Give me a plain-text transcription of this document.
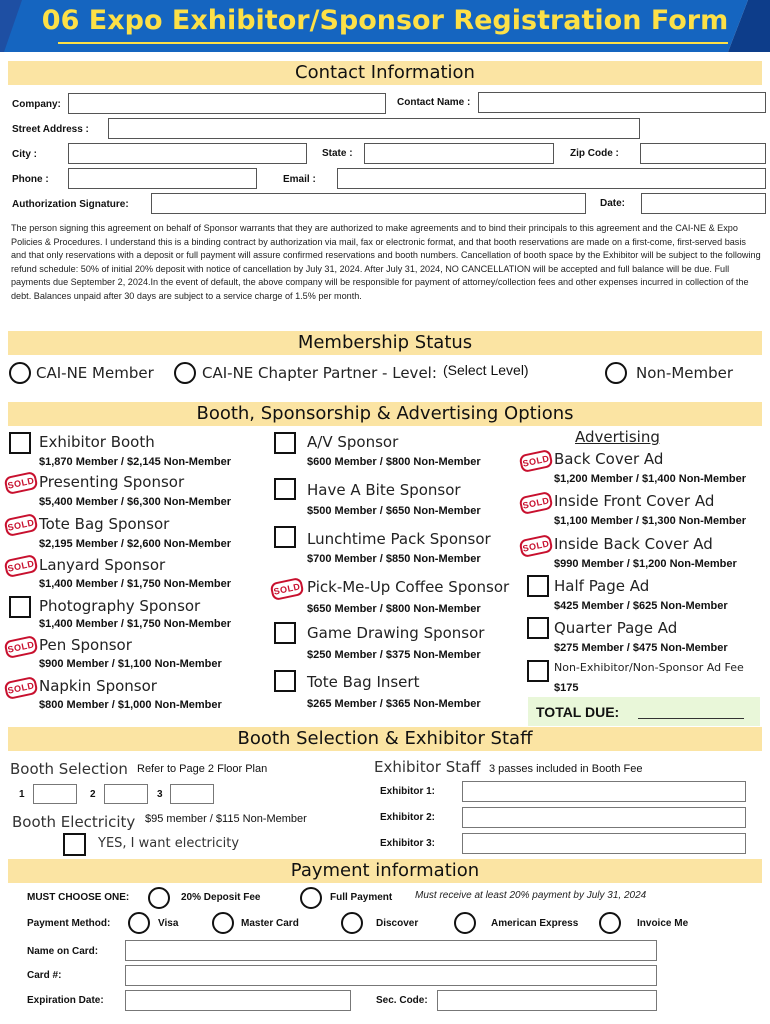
06 Expo Exhibitor/Sponsor Registration Form
Contact Information
Company:	Contact Name :
Street Address :
City :	State :	Zip Code :
Phone :	Email :
Authorization Signature:	Date:
The person signing this agreement on behalf of Sponsor warrants that they are authorized to make agreements and to bind their principals to this agreement and the CAI-NE & Expo Policies & Procedures. I understand this is a binding contract by authorization via mail, fax or electronic format, and that booth reservations are made on a first-come, first-served basis and that only reservations with a deposit or full payment will assure confirmed reservations and booth numbers. Cancellation of booth space by the Exhibitor will be subject to the following refund schedule: 50% of initial 20% deposit with notice of cancellation by July 31, 2024. After July 31, 2024, NO CANCELLATION will be accepted and full balance will be due. Full payments due September 2, 2024.In the event of default, the above company will be responsible for payment of attorney/collection fees and other expenses incurred in collection of the debt. Balances unpaid after 30 days are subject to a service charge of 1.5% per month.
Membership Status
CAI-NE Member	CAI-NE Chapter Partner - Level: (Select Level)	Non-Member
Booth, Sponsorship & Advertising Options
Exhibitor Booth
$1,870 Member / $2,145 Non-Member
SOLD Presenting Sponsor
$5,400 Member / $6,300 Non-Member
SOLD Tote Bag Sponsor
$2,195 Member / $2,600 Non-Member
SOLD Lanyard Sponsor
$1,400 Member / $1,750 Non-Member
Photography Sponsor
$1,400 Member / $1,750 Non-Member
SOLD Pen Sponsor
$900 Member / $1,100 Non-Member
SOLD Napkin Sponsor
$800 Member / $1,000 Non-Member
A/V Sponsor
$600 Member / $800 Non-Member
Have A Bite Sponsor
$500 Member / $650 Non-Member
Lunchtime Pack Sponsor
$700 Member / $850 Non-Member
SOLD Pick-Me-Up Coffee Sponsor
$650 Member / $800 Non-Member
Game Drawing Sponsor
$250 Member / $375 Non-Member
Tote Bag Insert
$265 Member / $365 Non-Member
Advertising
SOLD Back Cover Ad
$1,200 Member / $1,400 Non-Member
SOLD Inside Front Cover Ad
$1,100 Member / $1,300 Non-Member
SOLD Inside Back Cover Ad
$990 Member / $1,200 Non-Member
Half Page Ad
$425 Member / $625 Non-Member
Quarter Page Ad
$275 Member / $475 Non-Member
Non-Exhibitor/Non-Sponsor Ad Fee
$175
TOTAL DUE:
Booth Selection & Exhibitor Staff
Booth Selection Refer to Page 2 Floor Plan
1	2	3
Booth Electricity $95 member / $115 Non-Member
YES, I want electricity
Exhibitor Staff 3 passes included in Booth Fee
Exhibitor 1:
Exhibitor 2:
Exhibitor 3:
Payment information
MUST CHOOSE ONE:	20% Deposit Fee	Full Payment Must receive at least 20% payment by July 31, 2024
Payment Method:	Visa	Master Card	Discover	American Express	Invoice Me
Name on Card:
Card #:
Expiration Date:	Sec. Code:
